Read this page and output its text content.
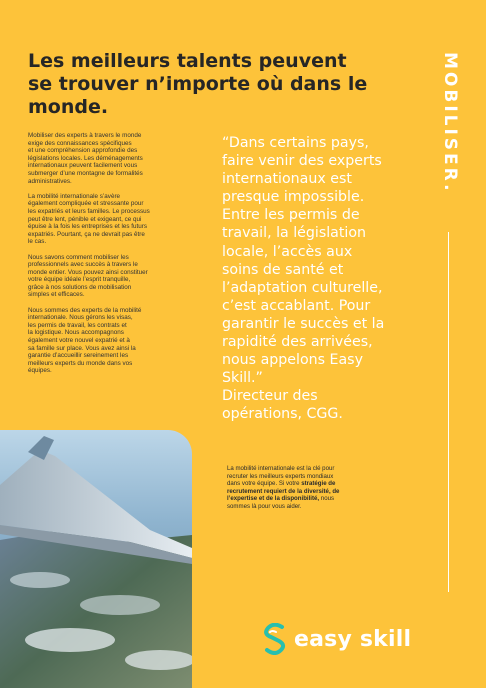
Les meilleurs talents peuvent
se trouver n’importe où dans le
monde.

Mobiliser des experts à travers le monde
exige des connaissances spécifiques
et une compréhension approfondie des
législations locales. Les déménagements
internationaux peuvent facilement vous
submerger d’une montagne de formalités
administratives.

La mobilité internationale s’avère
également compliquée et stressante pour
les expatriés et leurs familles. Le processus
peut être lent, pénible et exigeant, ce qui
épuise à la fois les entreprises et les futurs
expatriés. Pourtant, ça ne devrait pas être
le cas.

Nous savons comment mobiliser les
professionnels avec succès à travers le
monde entier. Vous pouvez ainsi constituer
votre équipe idéale l’esprit tranquille,
grâce à nos solutions de mobilisation
simples et efficaces.

Nous sommes des experts de la mobilité
internationale. Nous gérons les visas,
les permis de travail, les contrats et
la logistique. Nous accompagnons
également votre nouvel expatrié et à
sa famille sur place. Vous avez ainsi la
garantie d’accueillir sereinement les
meilleurs experts du monde dans vos
équipes.

“Dans certains pays,
faire venir des experts
internationaux est
presque impossible.
Entre les permis de
travail, la législation
locale, l’accès aux
soins de santé et
l’adaptation culturelle,
c’est accablant. Pour
garantir le succès et la
rapidité des arrivées,
nous appelons Easy
Skill.”
Directeur des
opérations, CGG.
La mobilité internationale est la clé pour
recruter les meilleurs experts mondiaux
dans votre équipe. Si votre stratégie de
recrutement requiert de la diversité, de
l’expertise et de la disponibilité, nous
sommes là pour vous aider.
MOBILISER.
easy skill
